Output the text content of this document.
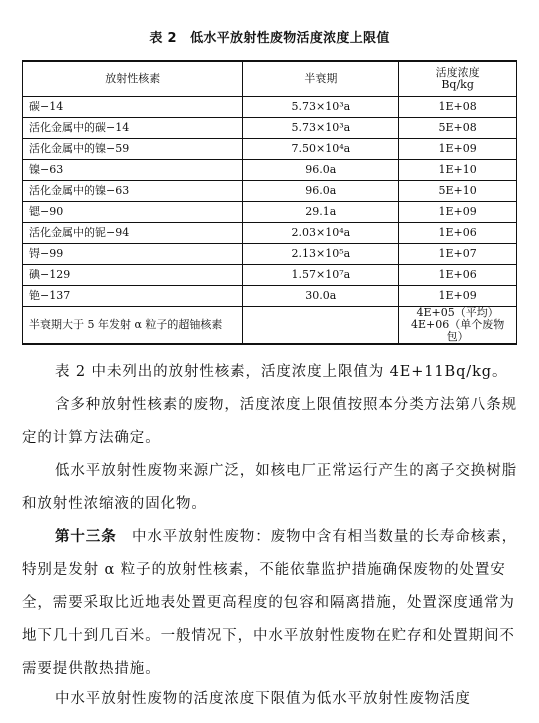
表 2　低水平放射性废物活度浓度上限值
放射性核素	半衰期	活度浓度
Bq/kg
碳−14	5.73×10³a	1E+08
活化金属中的碳−14	5.73×10³a	5E+08
活化金属中的镍−59	7.50×10⁴a	1E+09
镍−63	96.0a	1E+10
活化金属中的镍−63	96.0a	5E+10
锶−90	29.1a	1E+09
活化金属中的铌−94	2.03×10⁴a	1E+06
锝−99	2.13×10⁵a	1E+07
碘−129	1.57×10⁷a	1E+06
铯−137	30.0a	1E+09
半衰期大于 5 年发射 α 粒子的超铀核素		4E+05（平均）
4E+06（单个废物包）
表 2 中未列出的放射性核素，活度浓度上限值为 4E+11Bq/kg。
含多种放射性核素的废物，活度浓度上限值按照本分类方法第八条规定的计算方法确定。
低水平放射性废物来源广泛，如核电厂正常运行产生的离子交换树脂和放射性浓缩液的固化物。
第十三条　中水平放射性废物：废物中含有相当数量的长寿命核素，特别是发射 α 粒子的放射性核素，不能依靠监护措施确保废物的处置安全，需要采取比近地表处置更高程度的包容和隔离措施，处置深度通常为地下几十到几百米。一般情况下，中水平放射性废物在贮存和处置期间不需要提供散热措施。
中水平放射性废物的活度浓度下限值为低水平放射性废物活度
